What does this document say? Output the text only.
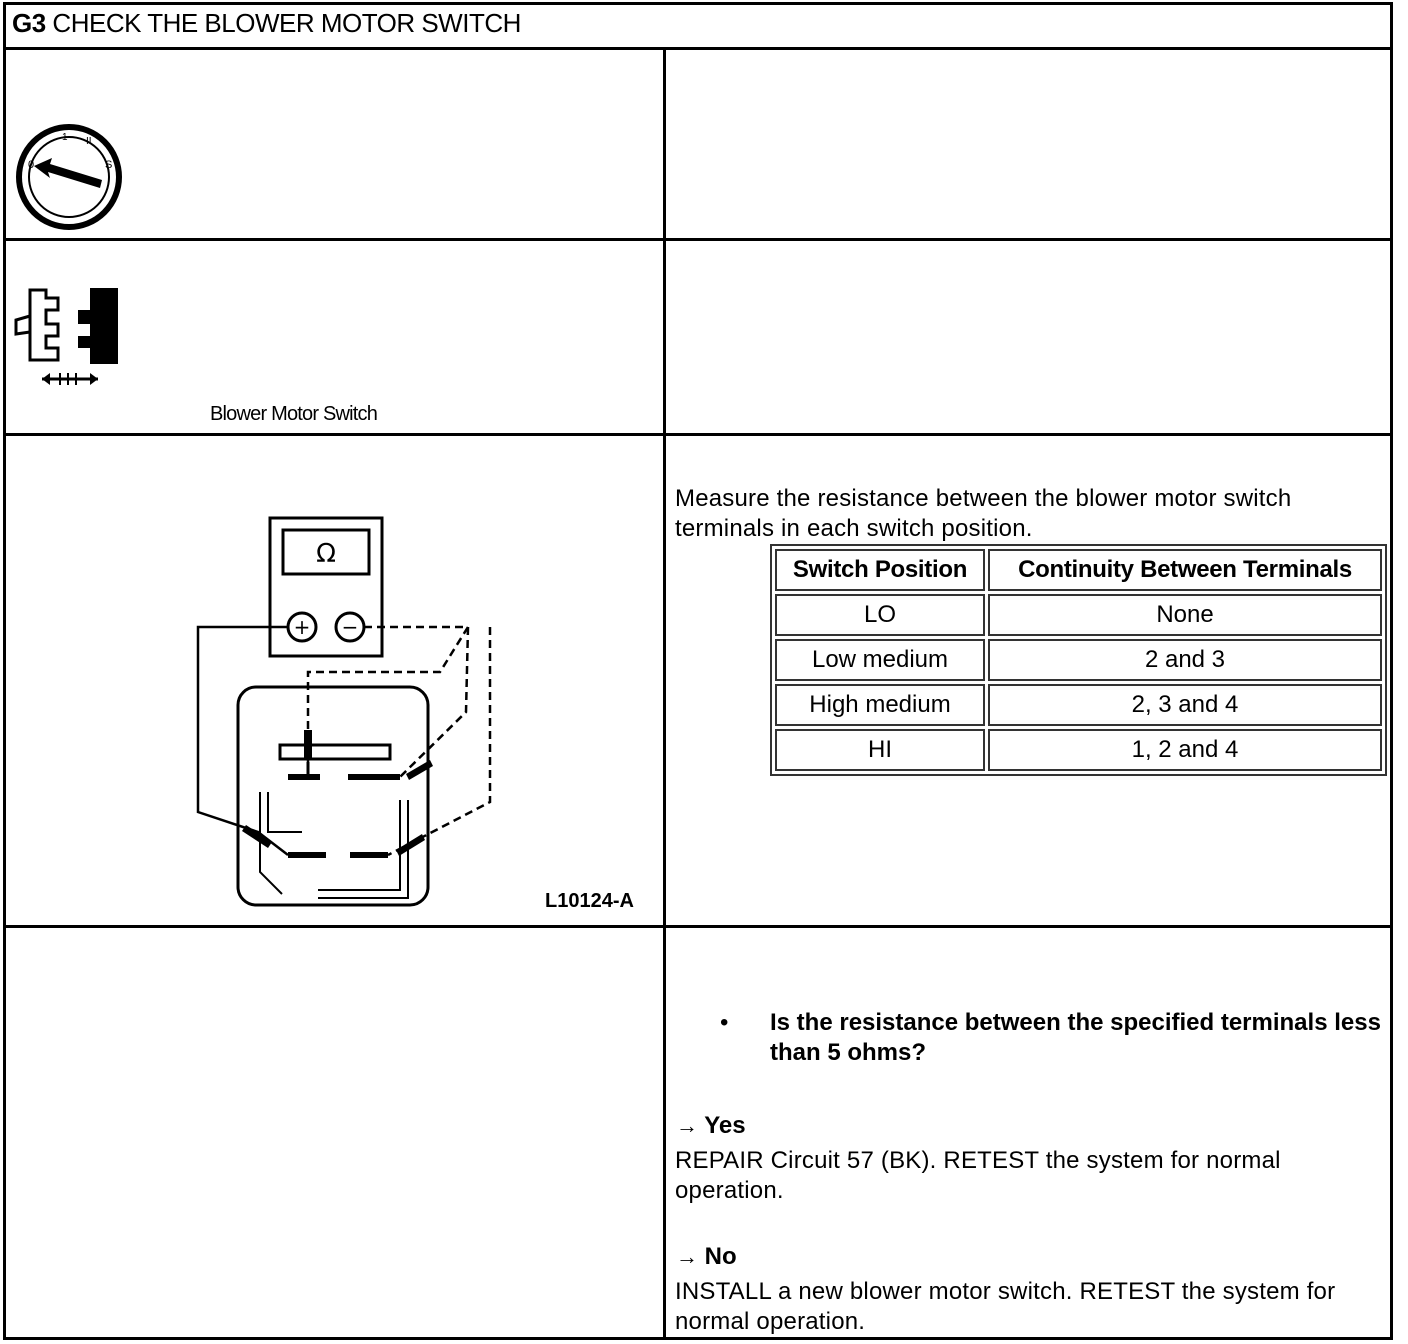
G3 CHECK THE BLOWER MOTOR SWITCH
0
1 II
S
Blower Motor Switch
Ω
+ −
L10124-A
Measure the resistance between the blower motor switch terminals in each switch position.
Switch Position	Continuity Between Terminals
LO	None
Low medium	2 and 3
High medium	2, 3 and 4
HI	1, 2 and 4
• Is the resistance between the specified terminals less than 5 ohms?
→ Yes
REPAIR Circuit 57 (BK). RETEST the system for normal operation.
→ No
INSTALL a new blower motor switch. RETEST the system for normal operation.
